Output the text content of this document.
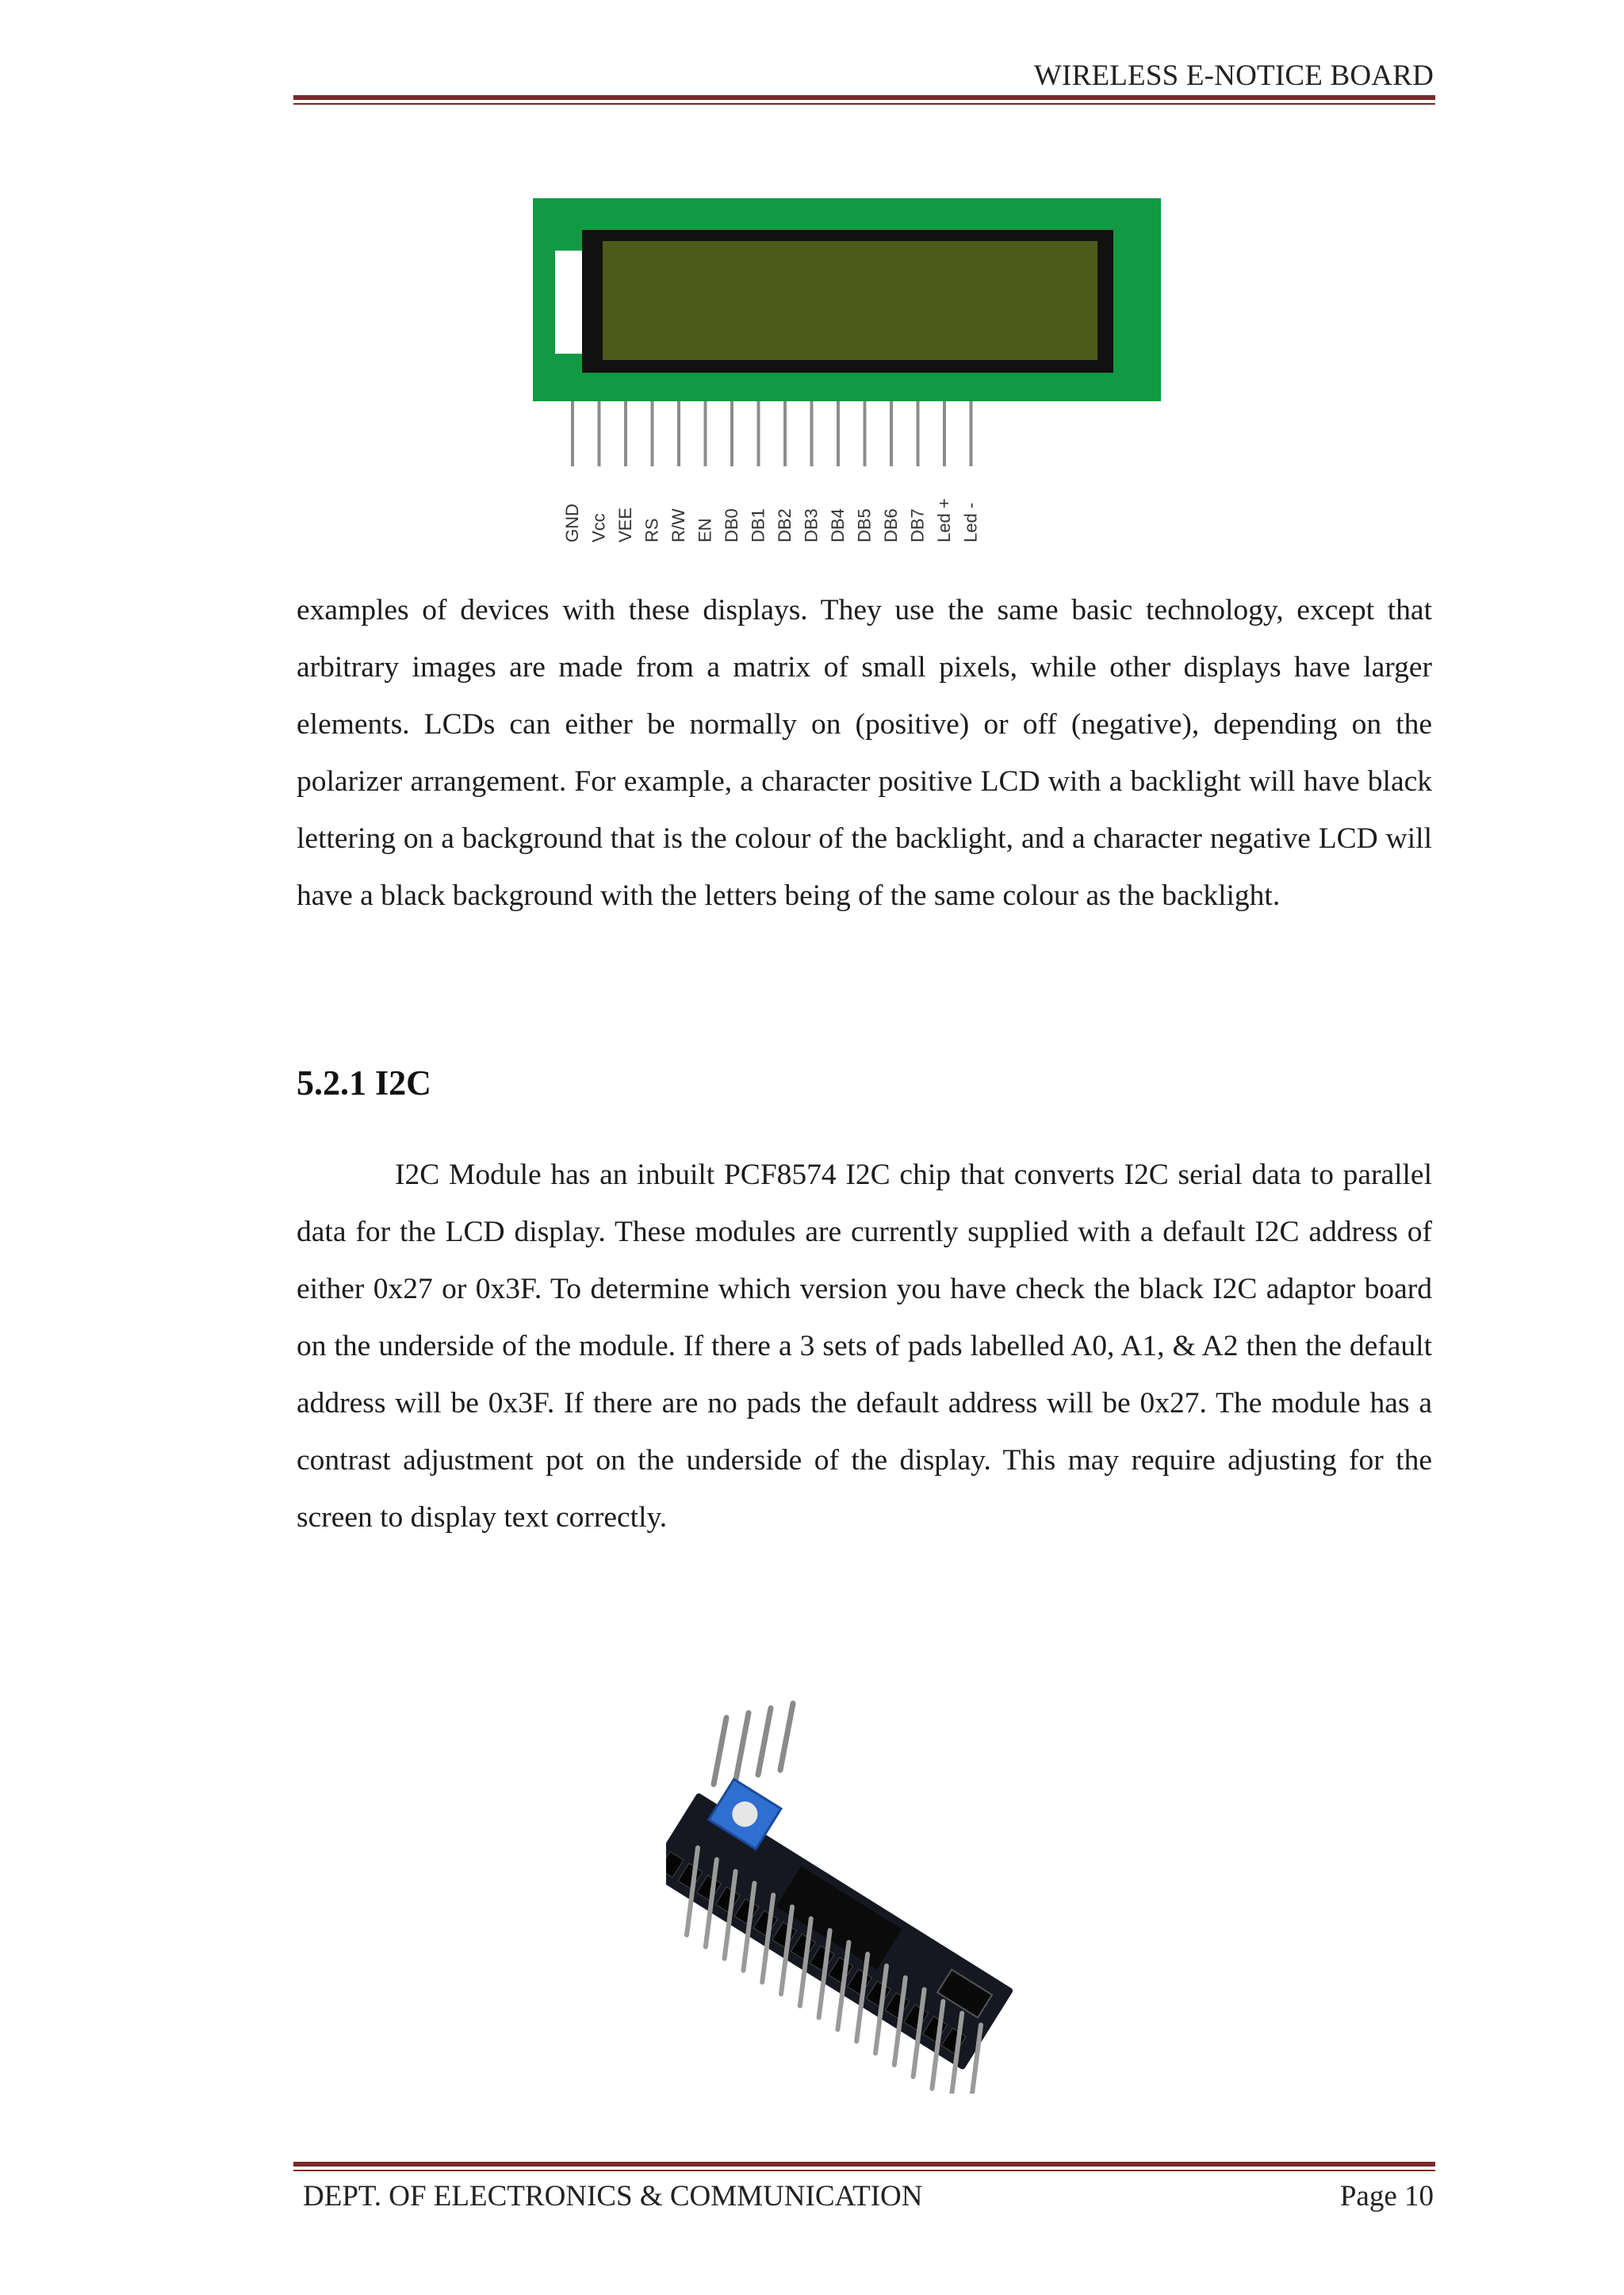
WIRELESS E-NOTICE BOARD
GND Vcc VEE RS R/W EN DB0 DB1 DB2 DB3 DB4 DB5 DB6 DB7 Led + Led -

examples of devices with these displays. They use the same basic technology, except that arbitrary images are made from a matrix of small pixels, while other displays have larger elements. LCDs can either be normally on (positive) or off (negative), depending on the polarizer arrangement. For example, a character positive LCD with a backlight will have black lettering on a background that is the colour of the backlight, and a character negative LCD will have a black background with the letters being of the same colour as the backlight.

5.2.1 I2C

I2C Module has an inbuilt PCF8574 I2C chip that converts I2C serial data to parallel data for the LCD display. These modules are currently supplied with a default I2C address of either 0x27 or 0x3F. To determine which version you have check the black I2C adaptor board on the underside of the module. If there a 3 sets of pads labelled A0, A1, & A2 then the default address will be 0x3F. If there are no pads the default address will be 0x27. The module has a contrast adjustment pot on the underside of the display. This may require adjusting for the screen to display text correctly.

DEPT. OF ELECTRONICS & COMMUNICATION	Page 10
